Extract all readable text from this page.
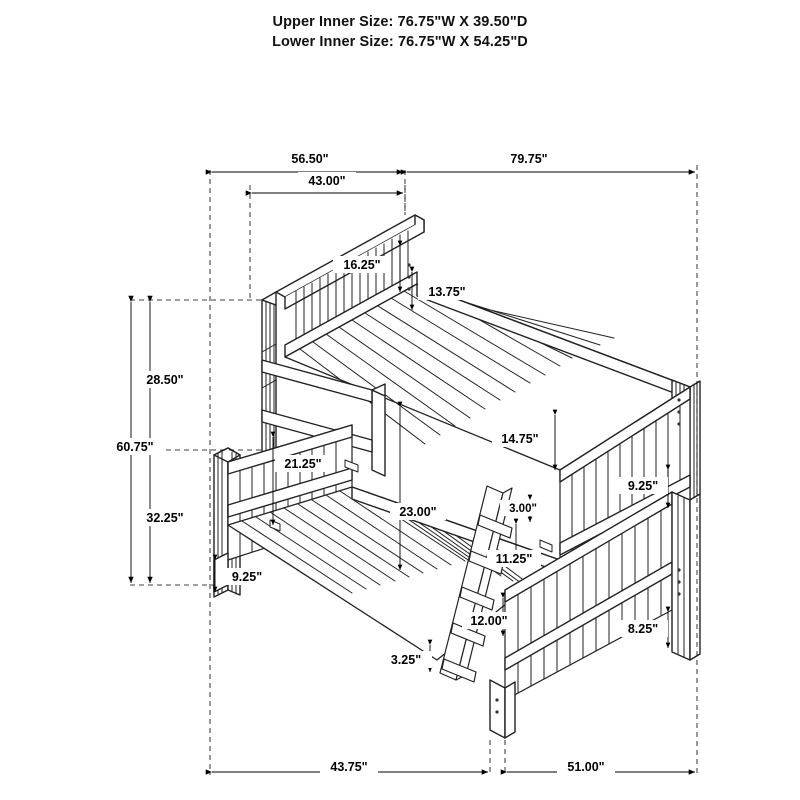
Upper Inner Size: 76.75"W X 39.50"D
Lower Inner Size: 76.75"W X 54.25"D
56.50"	79.75"
43.00"
16.25"
13.75"
28.50"
60.75"
32.25"
9.25"
21.25"
23.00"
14.75"
3.00"
11.25"
12.00"
3.25"
9.25"
8.25"
43.75"	51.00"
